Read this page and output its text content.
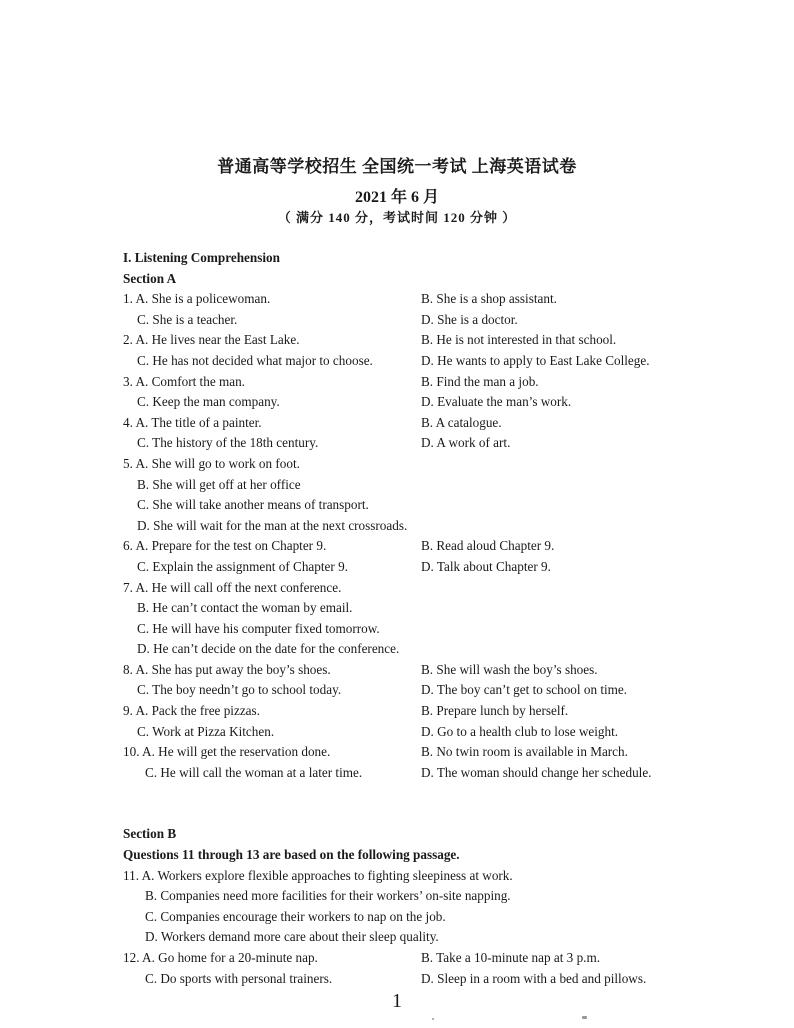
普通高等学校招生 全国统一考试 上海英语试卷
2021 年 6 月
（ 满分 140 分，考试时间 120 分钟 ）
I. Listening Comprehension
Section A
1. A. She is a policewoman.	B. She is a shop assistant.
C. She is a teacher.	D. She is a doctor.
2. A. He lives near the East Lake.	B. He is not interested in that school.
C. He has not decided what major to choose.	D. He wants to apply to East Lake College.
3. A. Comfort the man.	B. Find the man a job.
C. Keep the man company.	D. Evaluate the man’s work.
4. A. The title of a painter.	B. A catalogue.
C. The history of the 18th century.	D. A work of art.
5. A. She will go to work on foot.
B. She will get off at her office
C. She will take another means of transport.
D. She will wait for the man at the next crossroads.
6. A. Prepare for the test on Chapter 9.	B. Read aloud Chapter 9.
C. Explain the assignment of Chapter 9.	D. Talk about Chapter 9.
7. A. He will call off the next conference.
B. He can’t contact the woman by email.
C. He will have his computer fixed tomorrow.
D. He can’t decide on the date for the conference.
8. A. She has put away the boy’s shoes.	B. She will wash the boy’s shoes.
C. The boy needn’t go to school today.	D. The boy can’t get to school on time.
9. A. Pack the free pizzas.	B. Prepare lunch by herself.
C. Work at Pizza Kitchen.	D. Go to a health club to lose weight.
10. A. He will get the reservation done.	B. No twin room is available in March.
C. He will call the woman at a later time.	D. The woman should change her schedule.
Section B
Questions 11 through 13 are based on the following passage.
11. A. Workers explore flexible approaches to fighting sleepiness at work.
B. Companies need more facilities for their workers’ on-site napping.
C. Companies encourage their workers to nap on the job.
D. Workers demand more care about their sleep quality.
12. A. Go home for a 20-minute nap.	B. Take a 10-minute nap at 3 p.m.
C. Do sports with personal trainers.	D. Sleep in a room with a bed and pillows.
1
